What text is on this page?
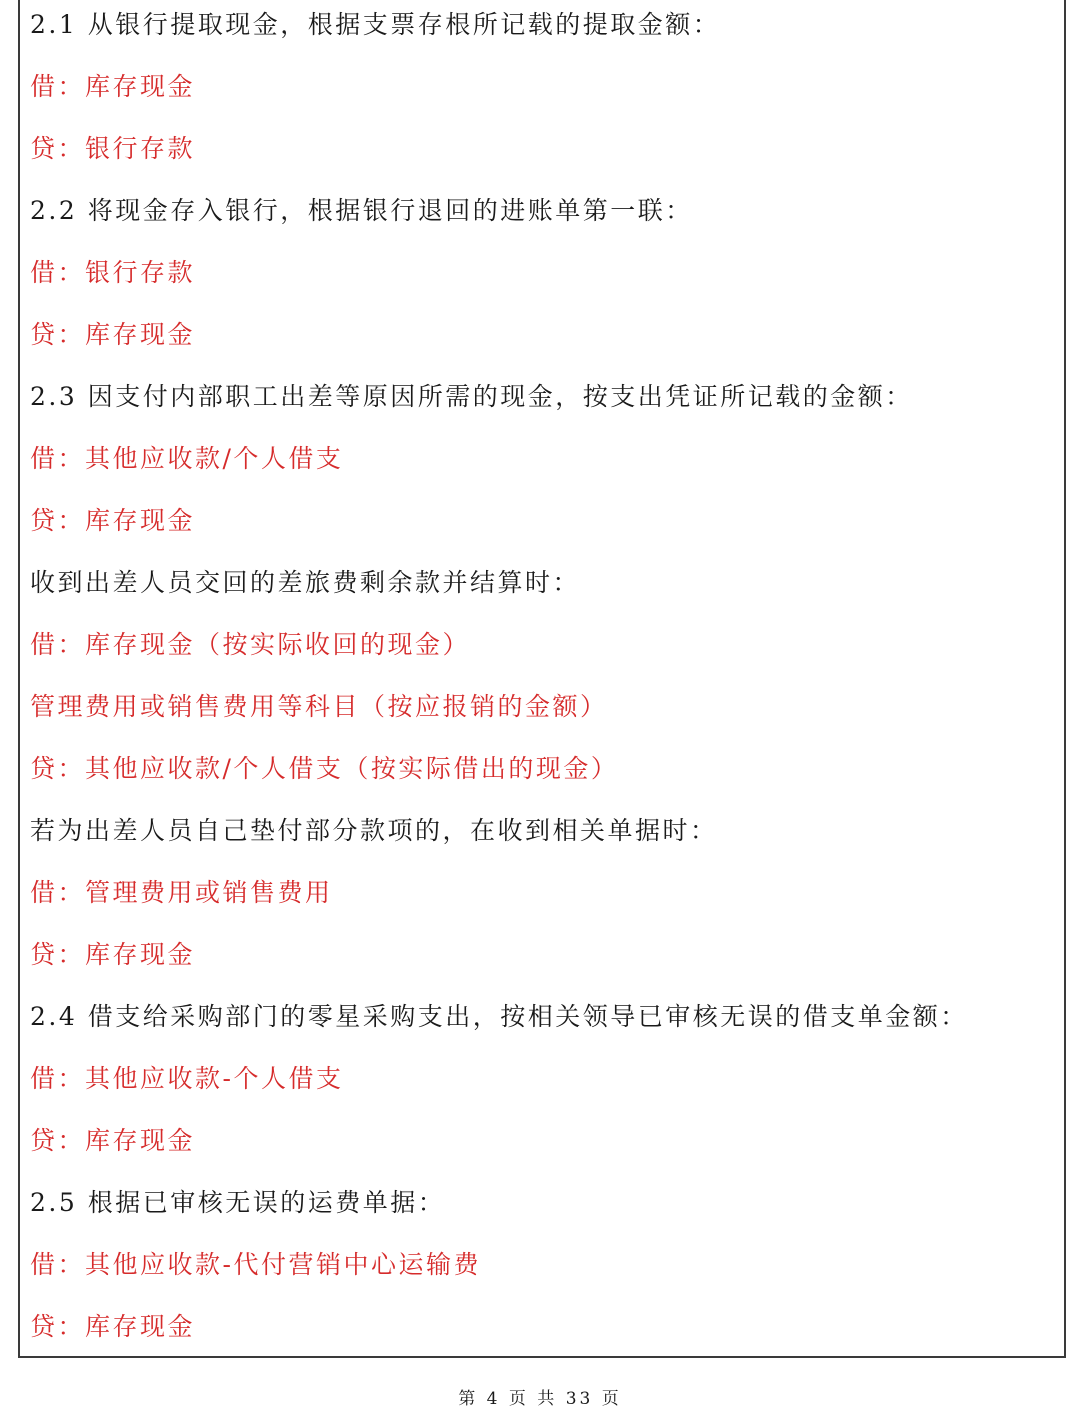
2.1 从银行提取现金，根据支票存根所记载的提取金额：
借：库存现金
贷：银行存款
2.2 将现金存入银行，根据银行退回的进账单第一联：
借：银行存款
贷：库存现金
2.3 因支付内部职工出差等原因所需的现金，按支出凭证所记载的金额：
借：其他应收款/个人借支
贷：库存现金
收到出差人员交回的差旅费剩余款并结算时：
借：库存现金（按实际收回的现金）
管理费用或销售费用等科目（按应报销的金额）
贷：其他应收款/个人借支（按实际借出的现金）
若为出差人员自己垫付部分款项的，在收到相关单据时：
借：管理费用或销售费用
贷：库存现金
2.4 借支给采购部门的零星采购支出，按相关领导已审核无误的借支单金额：
借：其他应收款-个人借支
贷：库存现金
2.5 根据已审核无误的运费单据：
借：其他应收款-代付营销中心运输费
贷：库存现金
第 4 页 共 33 页
